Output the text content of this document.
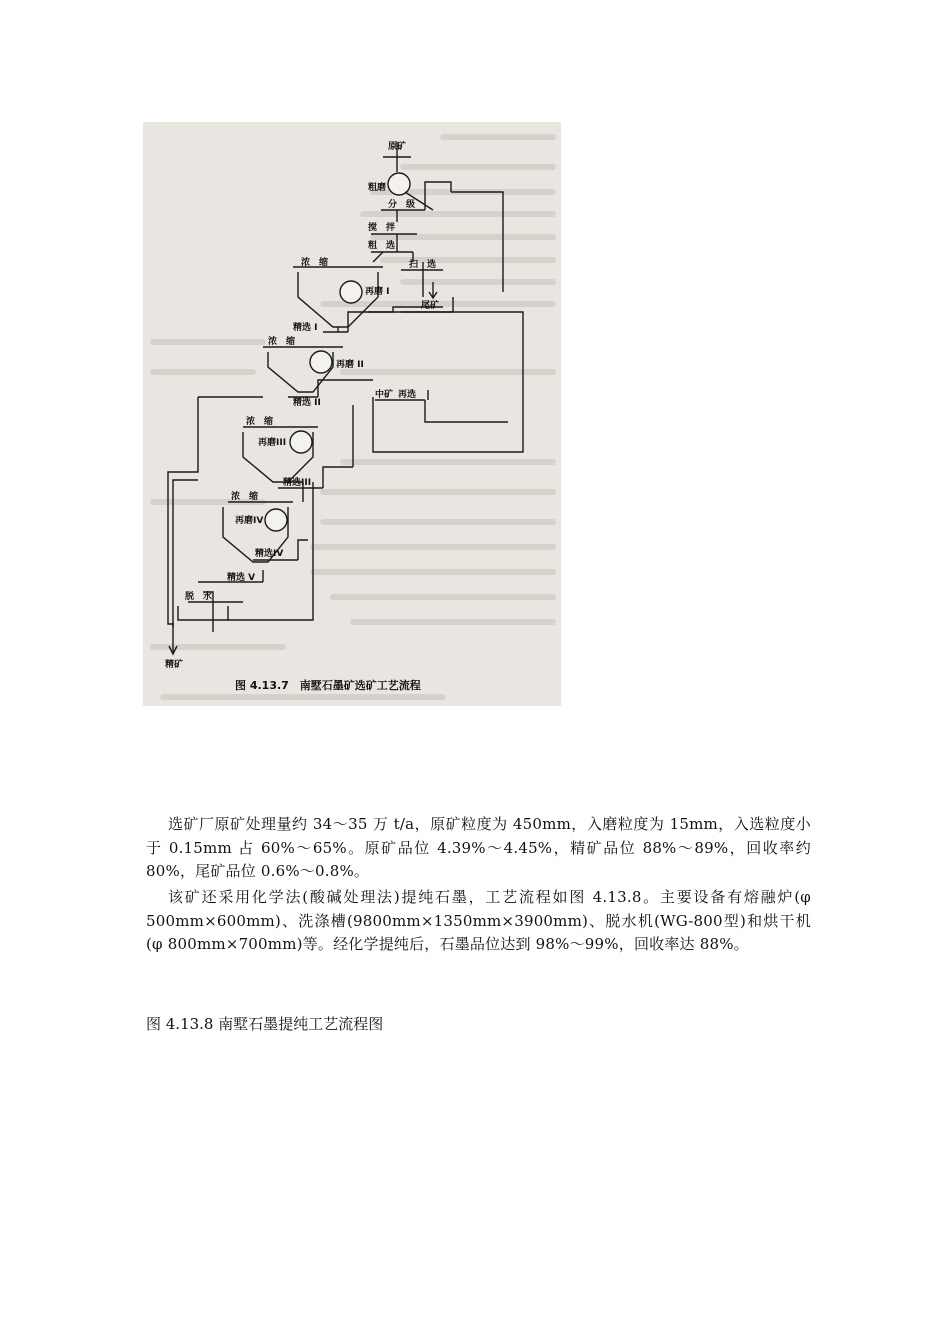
原矿
粗磨
分　级
搅　拌
粗　选
扫　选
浓　缩
再磨 I
尾矿
精选 I
浓　缩
再磨 II
精选 II
中矿 再选
浓　缩
再磨III
精选III
浓　缩
再磨IV
精选IV
精选 V
脱　水
精矿
图 4.13.7　南墅石墨矿选矿工艺流程

选矿厂原矿处理量约 34～35 万 t/a，原矿粒度为 450mm，入磨粒度为 15mm，入选粒度小于 0.15mm 占 60%～65%。原矿品位 4.39%～4.45%，精矿品位 88%～89%，回收率约 80%，尾矿品位 0.6%～0.8%。

该矿还采用化学法(酸碱处理法)提纯石墨，工艺流程如图 4.13.8。主要设备有熔融炉(φ 500mm×600mm)、洗涤槽(9800mm×1350mm×3900mm)、脱水机(WG-800型)和烘干机(φ 800mm×700mm)等。经化学提纯后，石墨品位达到 98%～99%，回收率达 88%。

图 4.13.8 南墅石墨提纯工艺流程图
